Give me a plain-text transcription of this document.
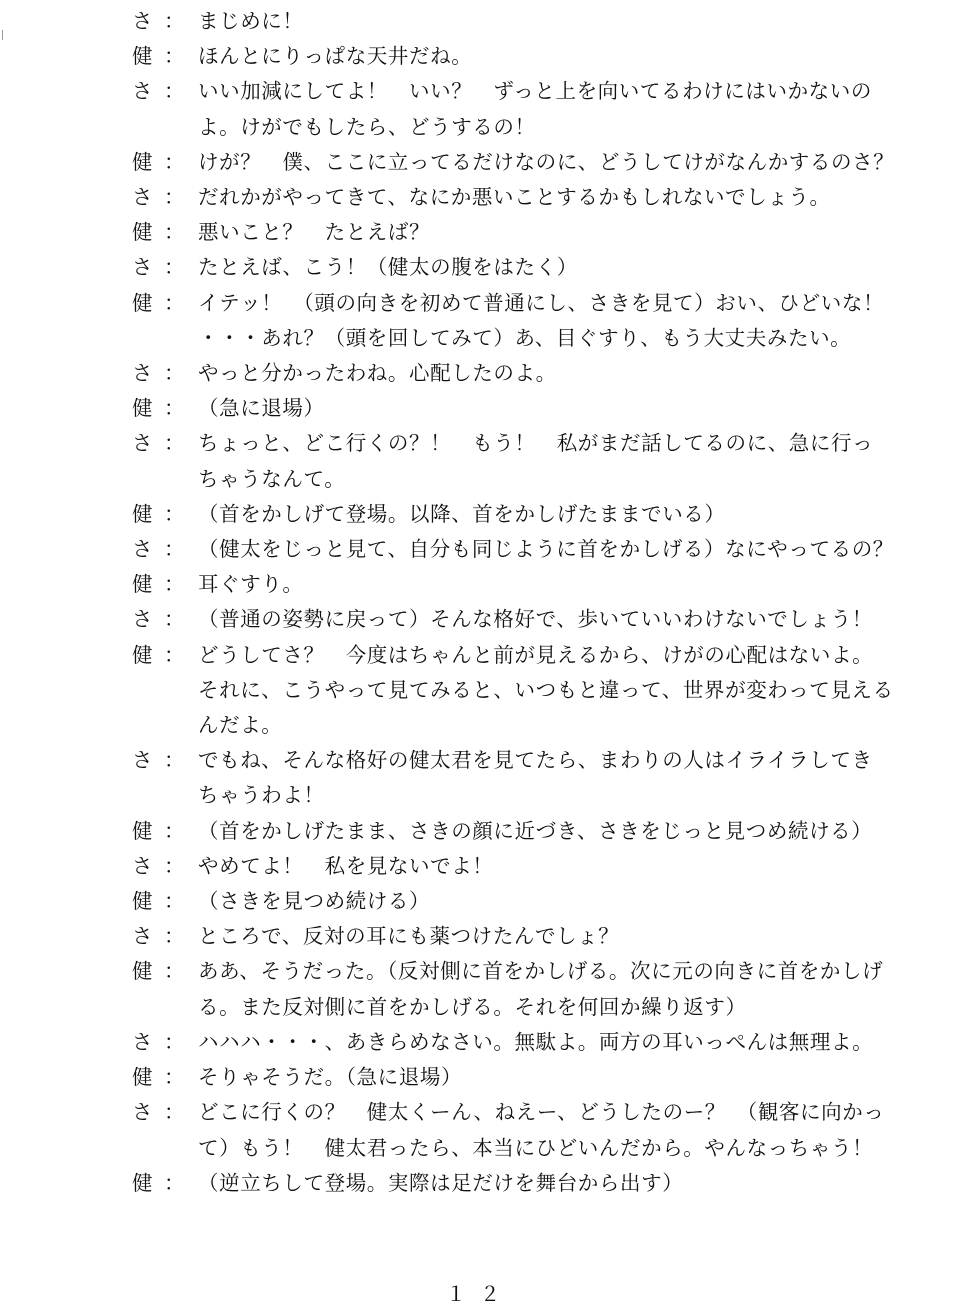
さ ： まじめに！
健 ： ほんとにりっぱな天井だね。
さ ： いい加減にしてよ！　いい？　ずっと上を向いてるわけにはいかないの
よ。けがでもしたら、どうするの！
健 ： けが？　僕、ここに立ってるだけなのに、どうしてけがなんかするのさ？
さ ： だれかがやってきて、なにか悪いことするかもしれないでしょう。
健 ： 悪いこと？　たとえば？
さ ： たとえば、こう！（健太の腹をはたく）
健 ： イテッ！　（頭の向きを初めて普通にし、さきを見て）おい、ひどいな！
・・・あれ？（頭を回してみて）あ、目ぐすり、もう大丈夫みたい。
さ ： やっと分かったわね。心配したのよ。
健 ： （急に退場）
さ ： ちょっと、どこ行くの？！　もう！　私がまだ話してるのに、急に行っ
ちゃうなんて。
健 ： （首をかしげて登場。以降、首をかしげたままでいる）
さ ： （健太をじっと見て、自分も同じように首をかしげる）なにやってるの？
健 ： 耳ぐすり。
さ ： （普通の姿勢に戻って）そんな格好で、歩いていいわけないでしょう！
健 ： どうしてさ？　今度はちゃんと前が見えるから、けがの心配はないよ。
それに、こうやって見てみると、いつもと違って、世界が変わって見える
んだよ。
さ ： でもね、そんな格好の健太君を見てたら、まわりの人はイライラしてき
ちゃうわよ！
健 ： （首をかしげたまま、さきの顔に近づき、さきをじっと見つめ続ける）
さ ： やめてよ！　私を見ないでよ！
健 ： （さきを見つめ続ける）
さ ： ところで、反対の耳にも薬つけたんでしょ？
健 ： ああ、そうだった。（反対側に首をかしげる。次に元の向きに首をかしげ
る。また反対側に首をかしげる。それを何回か繰り返す）
さ ： ハハハ・・・、あきらめなさい。無駄よ。両方の耳いっぺんは無理よ。
健 ： そりゃそうだ。（急に退場）
さ ： どこに行くの？　健太くーん、ねえー、どうしたのー？　（観客に向かっ
て）もう！　健太君ったら、本当にひどいんだから。やんなっちゃう！
健 ： （逆立ちして登場。実際は足だけを舞台から出す）
１２
